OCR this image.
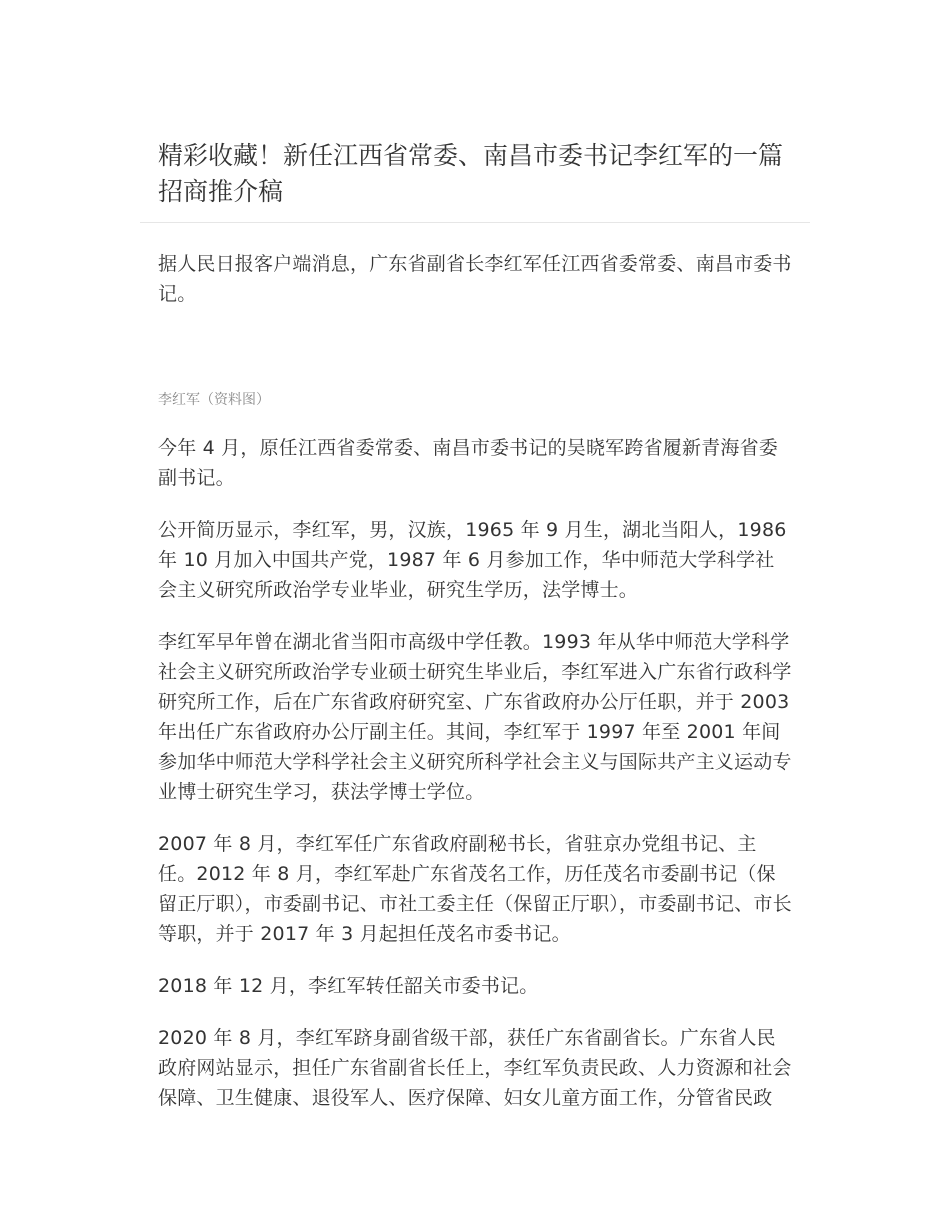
精彩收藏！新任江西省常委、南昌市委书记李红军的一篇招商推介稿

据人民日报客户端消息，广东省副省长李红军任江西省委常委、南昌市委书记。

李红军（资料图）

今年 4 月，原任江西省委常委、南昌市委书记的吴晓军跨省履新青海省委副书记。

公开简历显示，李红军，男，汉族，1965 年 9 月生，湖北当阳人，1986 年 10 月加入中国共产党，1987 年 6 月参加工作，华中师范大学科学社会主义研究所政治学专业毕业，研究生学历，法学博士。

李红军早年曾在湖北省当阳市高级中学任教。1993 年从华中师范大学科学社会主义研究所政治学专业硕士研究生毕业后，李红军进入广东省行政科学研究所工作，后在广东省政府研究室、广东省政府办公厅任职，并于 2003 年出任广东省政府办公厅副主任。其间，李红军于 1997 年至 2001 年间参加华中师范大学科学社会主义研究所科学社会主义与国际共产主义运动专业博士研究生学习，获法学博士学位。

2007 年 8 月，李红军任广东省政府副秘书长，省驻京办党组书记、主任。2012 年 8 月，李红军赴广东省茂名工作，历任茂名市委副书记（保留正厅职），市委副书记、市社工委主任（保留正厅职），市委副书记、市长等职，并于 2017 年 3 月起担任茂名市委书记。

2018 年 12 月，李红军转任韶关市委书记。

2020 年 8 月，李红军跻身副省级干部，获任广东省副省长。广东省人民政府网站显示，担任广东省副省长任上，李红军负责民政、人力资源和社会保障、卫生健康、退役军人、医疗保障、妇女儿童方面工作，分管省民政
